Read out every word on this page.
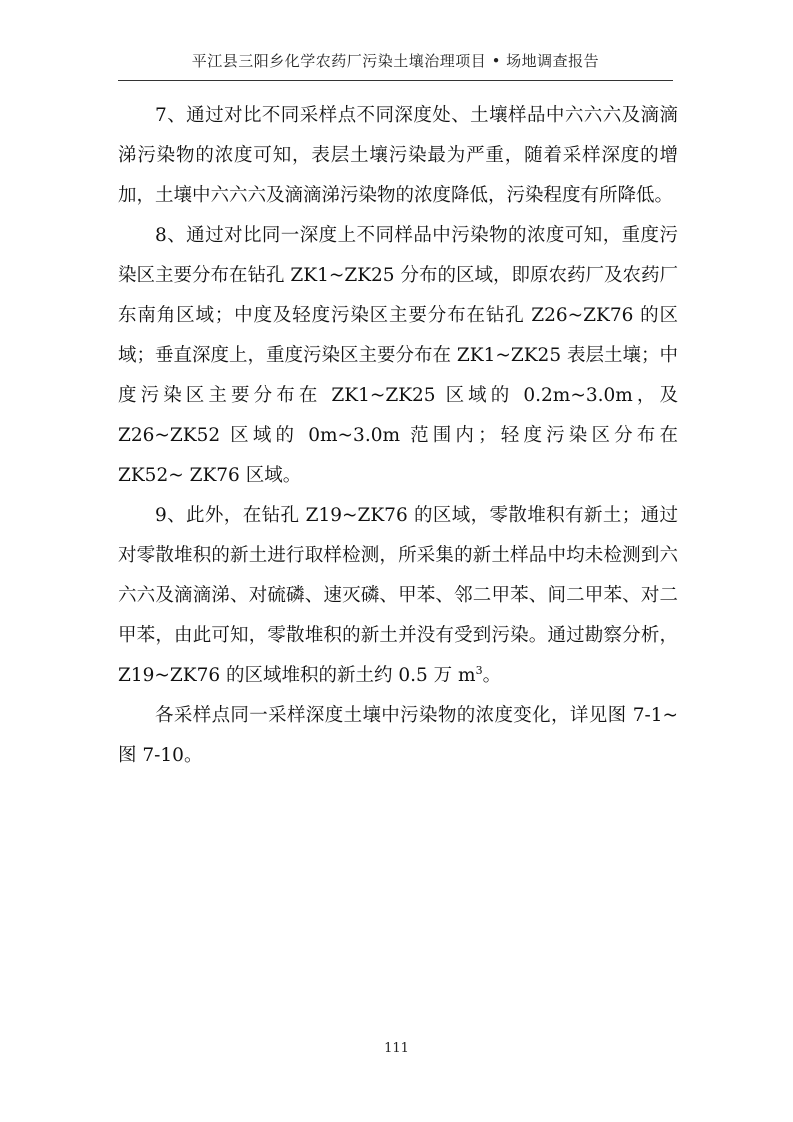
平江县三阳乡化学农药厂污染土壤治理项目 • 场地调查报告

7、通过对比不同采样点不同深度处、土壤样品中六六六及滴滴涕污染物的浓度可知，表层土壤污染最为严重，随着采样深度的增加，土壤中六六六及滴滴涕污染物的浓度降低，污染程度有所降低。

8、通过对比同一深度上不同样品中污染物的浓度可知，重度污染区主要分布在钻孔 ZK1~ZK25 分布的区域，即原农药厂及农药厂东南角区域；中度及轻度污染区主要分布在钻孔 Z26~ZK76 的区域；垂直深度上，重度污染区主要分布在 ZK1~ZK25 表层土壤；中度污染区主要分布在 ZK1~ZK25 区域的 0.2m~3.0m，及 Z26~ZK52 区域的 0m~3.0m 范围内；轻度污染区分布在 ZK52~ ZK76 区域。

9、此外，在钻孔 Z19~ZK76 的区域，零散堆积有新土；通过对零散堆积的新土进行取样检测，所采集的新土样品中均未检测到六六六及滴滴涕、对硫磷、速灭磷、甲苯、邻二甲苯、间二甲苯、对二甲苯，由此可知，零散堆积的新土并没有受到污染。通过勘察分析，Z19~ZK76 的区域堆积的新土约 0.5 万 $m^3$。

各采样点同一采样深度土壤中污染物的浓度变化，详见图 7-1~图 7-10。

111
